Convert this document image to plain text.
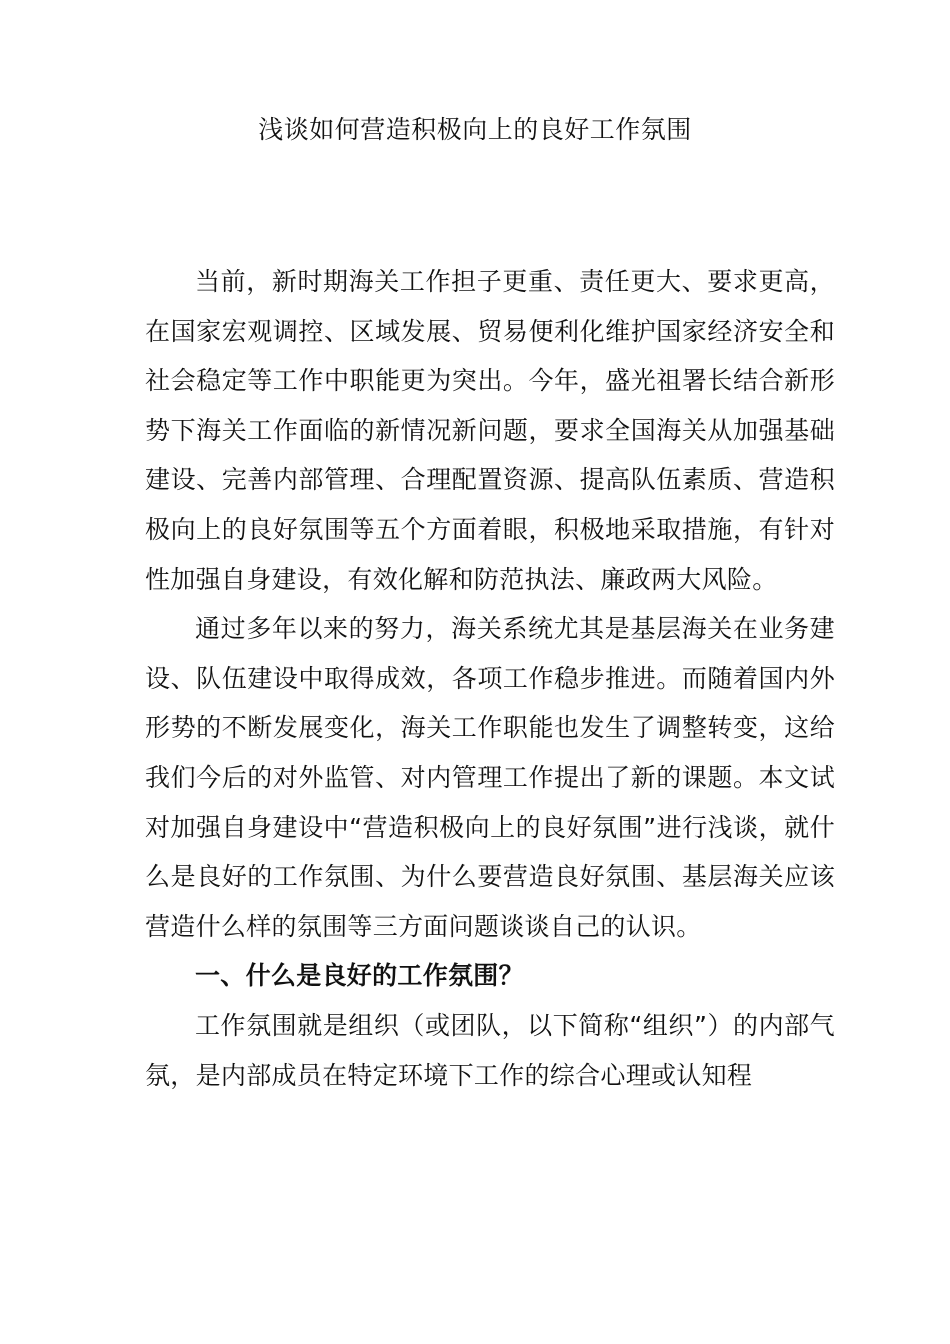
浅谈如何营造积极向上的良好工作氛围

当前，新时期海关工作担子更重、责任更大、要求更高，在国家宏观调控、区域发展、贸易便利化维护国家经济安全和社会稳定等工作中职能更为突出。今年，盛光祖署长结合新形势下海关工作面临的新情况新问题，要求全国海关从加强基础建设、完善内部管理、合理配置资源、提高队伍素质、营造积极向上的良好氛围等五个方面着眼，积极地采取措施，有针对性加强自身建设，有效化解和防范执法、廉政两大风险。

通过多年以来的努力，海关系统尤其是基层海关在业务建设、队伍建设中取得成效，各项工作稳步推进。而随着国内外形势的不断发展变化，海关工作职能也发生了调整转变，这给我们今后的对外监管、对内管理工作提出了新的课题。本文试对加强自身建设中“营造积极向上的良好氛围”进行浅谈，就什么是良好的工作氛围、为什么要营造良好氛围、基层海关应该营造什么样的氛围等三方面问题谈谈自己的认识。

一、什么是良好的工作氛围？

工作氛围就是组织（或团队，以下简称“组织”）的内部气氛，是内部成员在特定环境下工作的综合心理或认知程
